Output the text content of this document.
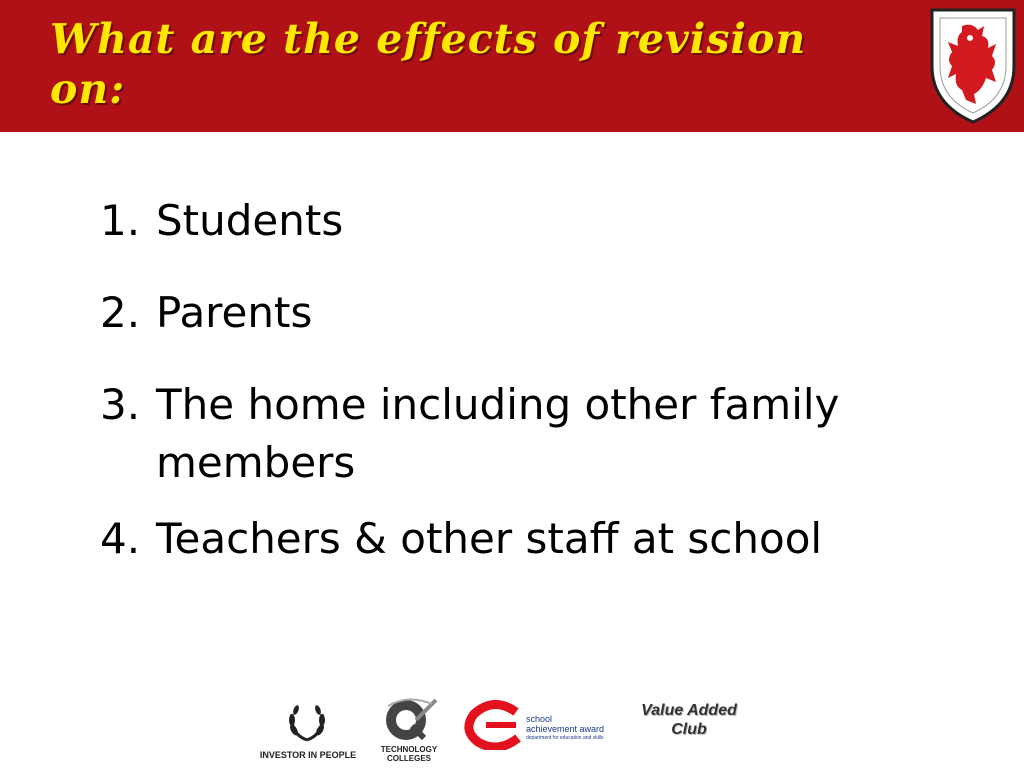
What are the effects of revision on:
1. Students
2. Parents
3. The home including other family members
4. Teachers & other staff at school
INVESTOR IN PEOPLE
TECHNOLOGY
COLLEGES
school
achievement award
department for education and skills
Value Added
Club
